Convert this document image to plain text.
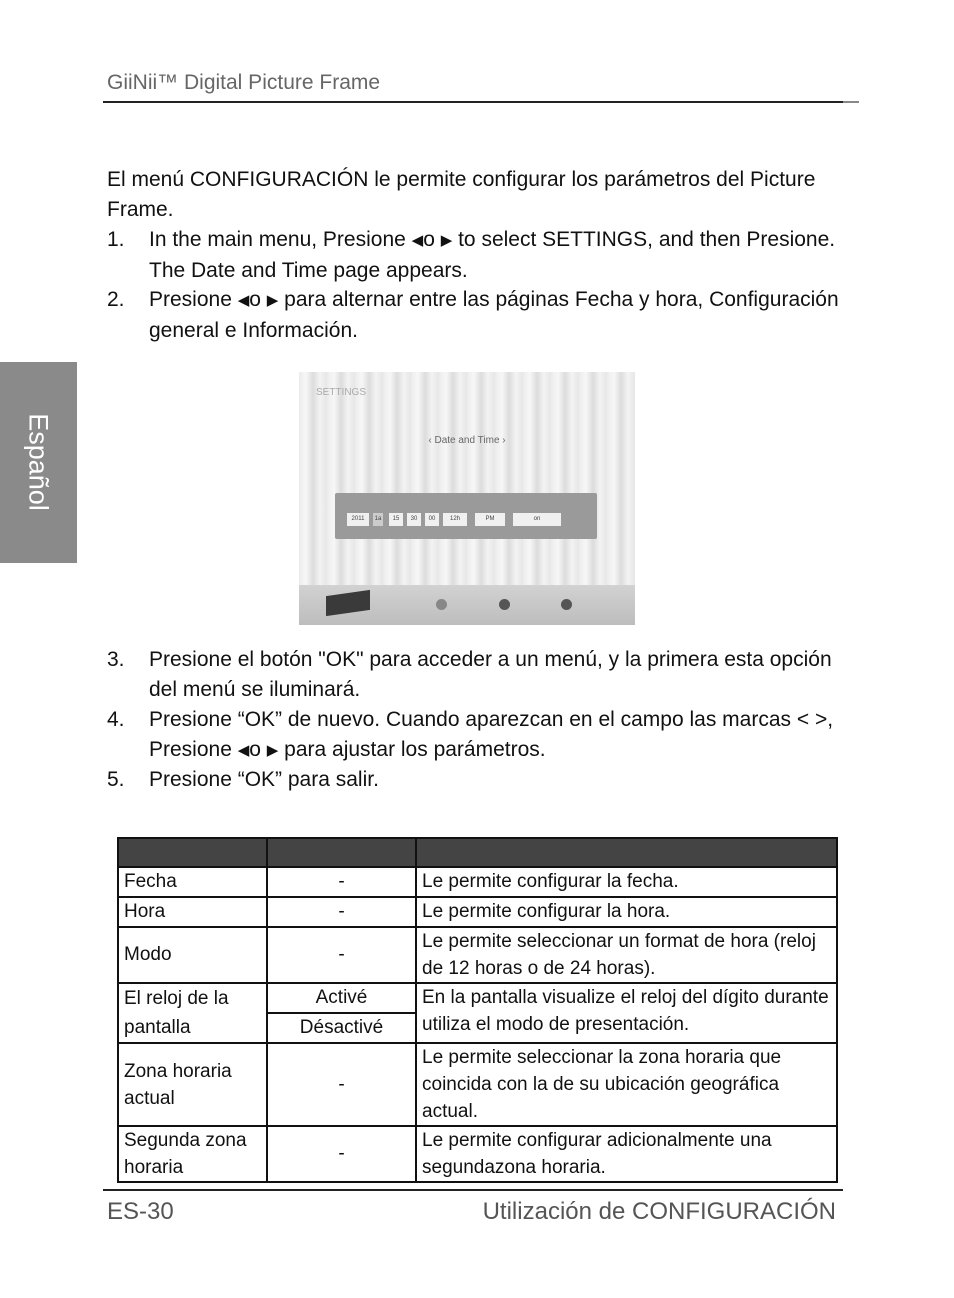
GiiNii™ Digital Picture Frame
Español
El menú CONFIGURACIÓN le permite configurar los parámetros del Picture Frame.
1. In the main menu, Presione ◀o ▶ to select SETTINGS, and then Presione. The Date and Time page appears.
2. Presione ◀o ▶ para alternar entre las páginas Fecha y hora, Configuración general e Información.
SETTINGS
‹ Date and Time ›
2011	1a	15	30	00	12h	PM	on
3. Presione el botón "OK" para acceder a un menú, y la primera esta opción del menú se iluminará.
4. Presione “OK” de nuevo. Cuando aparezcan en el campo las marcas < >, Presione ◀o ▶ para ajustar los parámetros.
5. Presione “OK” para salir.

Fecha	-	Le permite configurar la fecha.
Hora	-	Le permite configurar la hora.
Modo	-	Le permite seleccionar un format de hora (reloj de 12 horas o de 24 horas).
El reloj de la pantalla	Activé	En la pantalla visualize el reloj del dígito durante utiliza el modo de presentación.
	Désactivé	
Zona horaria actual	-	Le permite seleccionar la zona horaria que coincida con la de su ubicación geográfica actual.
Segunda zona horaria	-	Le permite configurar adicionalmente una segundazona horaria.
ES-30	Utilización de CONFIGURACIÓN
